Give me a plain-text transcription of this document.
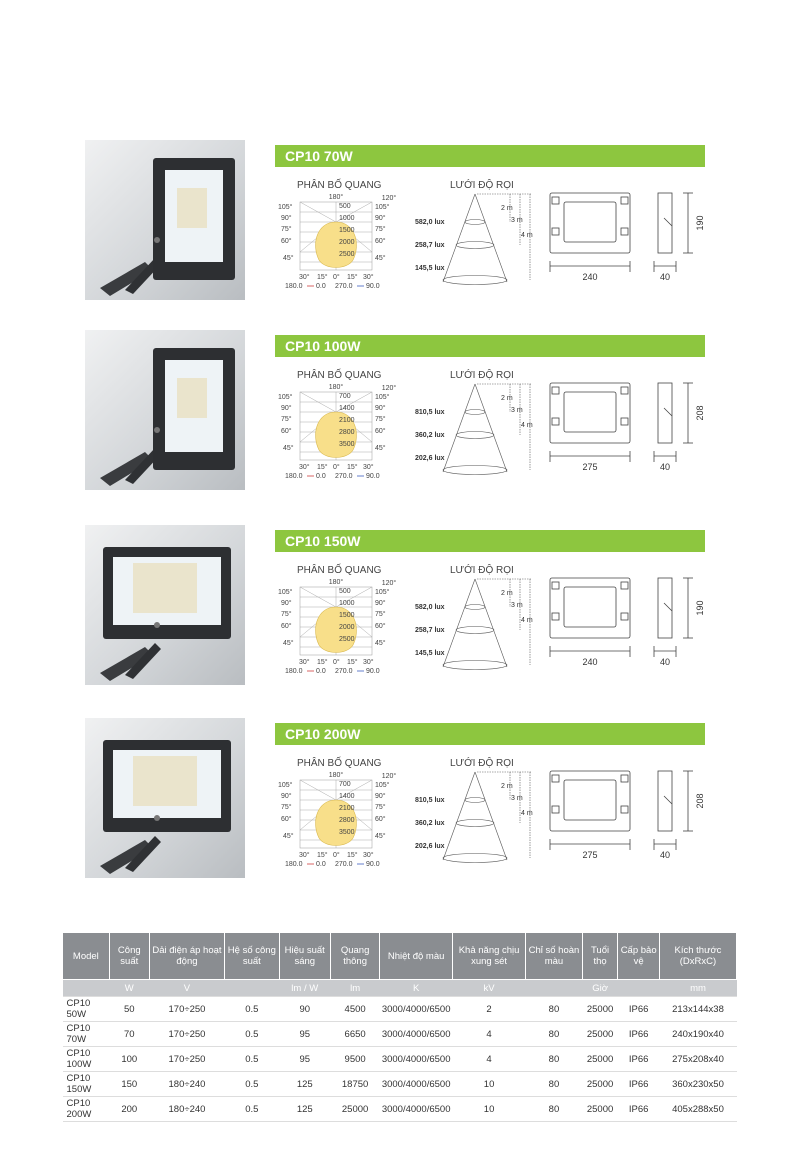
CP10 70W
PHÂN BỐ QUANG	LƯỚI ĐỘ RỌI
180°	120°
105°
90°
75°
60°
45°
105°
90°
75°
60°
45°
500
1000
1500
2000
2500
30° 15° 0° 15° 30°
180.0 0.0 270.0 90.0
582,0 lux
258,7 lux
145,5 lux
2 m
3 m
4 m
240	40
190
CP10 100W
PHÂN BỐ QUANG	LƯỚI ĐỘ RỌI
180°	120°
105°
90°
75°
60°
45°
105°
90°
75°
60°
45°
700
1400
2100
2800
3500
30° 15° 0° 15° 30°
180.0 0.0 270.0 90.0
810,5 lux
360,2 lux
202,6 lux
2 m
3 m
4 m
275	40
208
CP10 150W
PHÂN BỐ QUANG	LƯỚI ĐỘ RỌI
180°	120°
105°
90°
75°
60°
45°
105°
90°
75°
60°
45°
500
1000
1500
2000
2500
30° 15° 0° 15° 30°
180.0 0.0 270.0 90.0
582,0 lux
258,7 lux
145,5 lux
2 m
3 m
4 m
240	40
190
CP10 200W
PHÂN BỐ QUANG	LƯỚI ĐỘ RỌI
180°	120°
105°
90°
75°
60°
45°
105°
90°
75°
60°
45°
700
1400
2100
2800
3500
30° 15° 0° 15° 30°
180.0 0.0 270.0 90.0
810,5 lux
360,2 lux
202,6 lux
2 m
3 m
4 m
275	40
208
Model	Công suất	Dải điện áp hoạt động	Hệ số công suất	Hiệu suất sáng	Quang thông	Nhiệt độ màu	Khả năng chịu xung sét	Chỉ số hoàn màu	Tuổi thọ	Cấp bảo vệ	Kích thước (DxRxC)
	W	V		lm / W	lm	K	kV		Giờ		mm
CP10 50W	50	170÷250	0.5	90	4500	3000/4000/6500	2	80	25000	IP66	213x144x38
CP10 70W	70	170÷250	0.5	95	6650	3000/4000/6500	4	80	25000	IP66	240x190x40
CP10 100W	100	170÷250	0.5	95	9500	3000/4000/6500	4	80	25000	IP66	275x208x40
CP10 150W	150	180÷240	0.5	125	18750	3000/4000/6500	10	80	25000	IP66	360x230x50
CP10 200W	200	180÷240	0.5	125	25000	3000/4000/6500	10	80	25000	IP66	405x288x50
